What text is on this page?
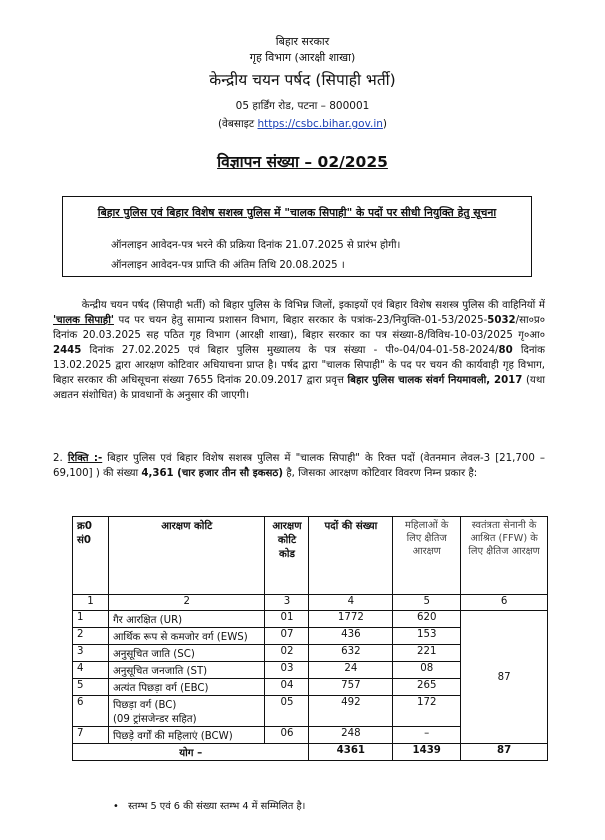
बिहार सरकार
गृह विभाग (आरक्षी शाखा)
केन्द्रीय चयन पर्षद (सिपाही भर्ती)
05 हार्डिंग रोड, पटना – 800001
(वेबसाइट https://csbc.bihar.gov.in)
विज्ञापन संख्या – 02/2025
बिहार पुलिस एवं बिहार विशेष सशस्त्र पुलिस में "चालक सिपाही" के पदों पर सीधी नियुक्ति हेतु सूचना
ऑनलाइन आवेदन-पत्र भरने की प्रक्रिया दिनांक 21.07.2025 से प्रारंभ होगी।
ऑनलाइन आवेदन-पत्र प्राप्ति की अंतिम तिथि 20.08.2025 ।

केन्द्रीय चयन पर्षद (सिपाही भर्ती) को बिहार पुलिस के विभिन्न जिलों, इकाइयों एवं बिहार विशेष सशस्त्र पुलिस की वाहिनियों में 'चालक सिपाही' पद पर चयन हेतु सामान्य प्रशासन विभाग, बिहार सरकार के पत्रांक-23/नियुक्ति-01-53/2025-5032/सा०प्र० दिनांक 20.03.2025 सह पठित गृह विभाग (आरक्षी शाखा), बिहार सरकार का पत्र संख्या-8/विविध-10-03/2025 गृ०आ० 2445 दिनांक 27.02.2025 एवं बिहार पुलिस मुख्यालय के पत्र संख्या - पी०-04/04-01-58-2024/80 दिनांक 13.02.2025 द्वारा आरक्षण कोटिवार अधियाचना प्राप्त है। पर्षद द्वारा "चालक सिपाही" के पद पर चयन की कार्यवाही गृह विभाग, बिहार सरकार की अधिसूचना संख्या 7655 दिनांक 20.09.2017 द्वारा प्रवृत्त बिहार पुलिस चालक संवर्ग नियमावली, 2017 (यथा अद्यतन संशोधित) के प्रावधानों के अनुसार की जाएगी।

2. रिक्ति :- बिहार पुलिस एवं बिहार विशेष सशस्त्र पुलिस में "चालक सिपाही" के रिक्त पदों (वेतनमान लेवल-3 [21,700 – 69,100] ) की संख्या 4,361 (चार हजार तीन सौ इकसठ) है, जिसका आरक्षण कोटिवार विवरण निम्न प्रकार है:

क्र0 सं0	आरक्षण कोटि	आरक्षण कोटि कोड	पदों की संख्या	महिलाओं के लिए क्षैतिज आरक्षण	स्वतंत्रता सेनानी के आश्रित (FFW) के लिए क्षैतिज आरक्षण
1	2	3	4	5	6
1	गैर आरक्षित (UR)	01	1772	620	87
2	आर्थिक रूप से कमजोर वर्ग (EWS)	07	436	153	
3	अनुसूचित जाति (SC)	02	632	221	
4	अनुसूचित जनजाति (ST)	03	24	08	
5	अत्यंत पिछड़ा वर्ग (EBC)	04	757	265	
6	पिछड़ा वर्ग (BC)
(09 ट्रांसजेन्डर सहित)	05	492	172	
7	पिछड़े वर्गों की महिलाएं (BCW)	06	248	–	
योग –			4361	1439	87
• स्तम्भ 5 एवं 6 की संख्या स्तम्भ 4 में सम्मिलित है।
